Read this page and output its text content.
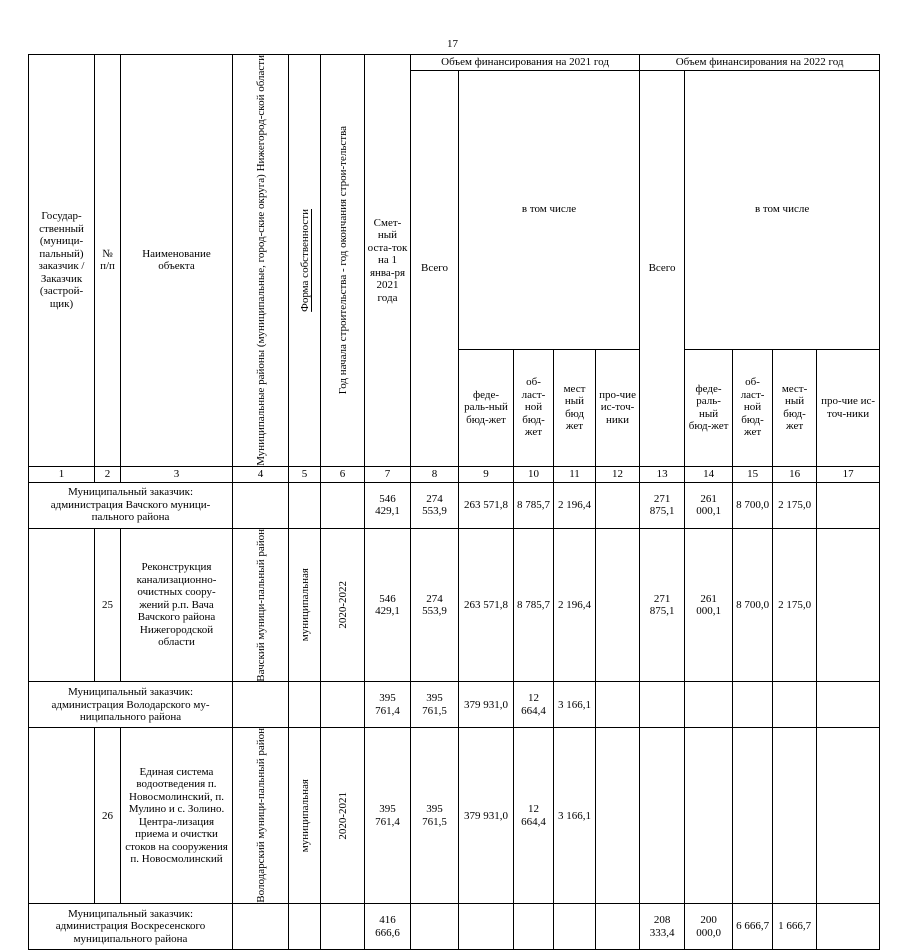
17
Государ-ственный (муници-пальный) заказчик / Заказчик (застрой-щик)	№ п/п	Наименование объекта	Муниципальные районы (муниципальные, город-ские округа) Нижегород-ской области	Форма собственности	Год начала строительства - год окончания строи-тельства	Смет-ный оста-ток на 1 янва-ря 2021 года	Объем финансирования на 2021 год					Объем финансирования на 2022 год				
							Всего	в том числе				Всего	в том числе			
								феде-раль-ный бюд-жет	об-ласт-ной бюд-жет	мест ный бюд жет	про-чие ис-точ-ники		феде-раль-ный бюд-жет	об-ласт-ной бюд-жет	мест-ный бюд-жет	про-чие ис-точ-ники
1	2	3	4	5	6	7	8	9	10	11	12	13	14	15	16	17
Муниципальный заказчик: администрация Вачского муници-пального района						546 429,1	274 553,9	263 571,8	8 785,7	2 196,4		271 875,1	261 000,1	8 700,0	2 175,0	
	25	Реконструкция канализационно-очистных соору-жений р.п. Вача Вачского района Нижегородской области	Вачский муници-пальный район	муниципальная	2020-2022	546 429,1	274 553,9	263 571,8	8 785,7	2 196,4		271 875,1	261 000,1	8 700,0	2 175,0	
Муниципальный заказчик: администрация Володарского му-ниципального района						395 761,4	395 761,5	379 931,0	12 664,4	3 166,1						
	26	Единая система водоотведения п. Новосмолинский, п. Мулино и с. Золино. Центра-лизация приема и очистки стоков на сооружения п. Новосмолинский	Володарский муници-пальный район	муниципальная	2020-2021	395 761,4	395 761,5	379 931,0	12 664,4	3 166,1						
Муниципальный заказчик: администрация Воскресенского муниципального района						416 666,6						208 333,4	200 000,0	6 666,7	1 666,7	
